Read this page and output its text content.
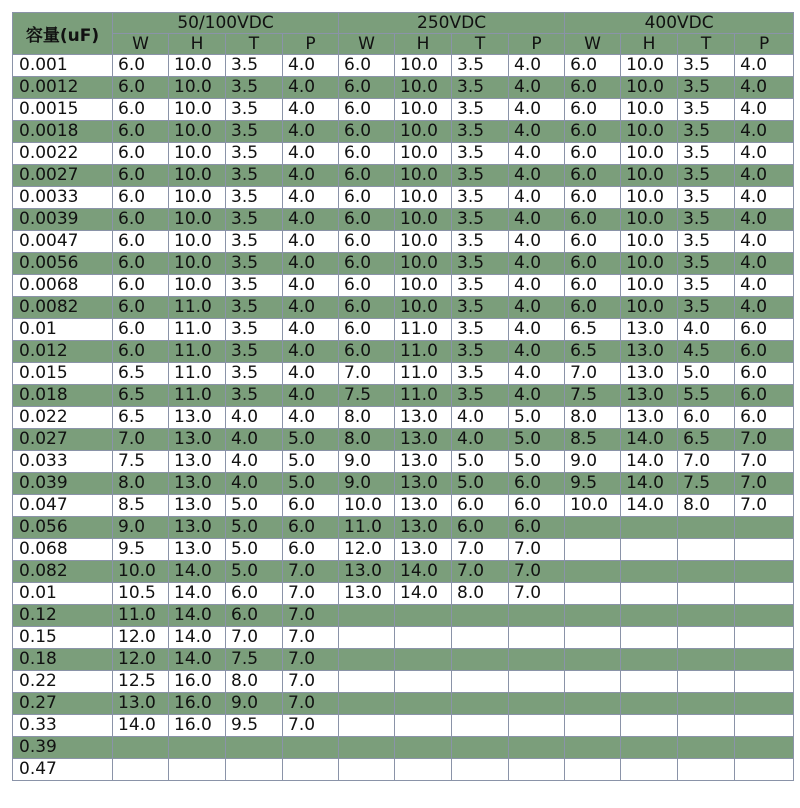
容量(uF)	50/100VDC				250VDC				400VDC			
	W	H	T	P	W	H	T	P	W	H	T	P
0.001	6.0	10.0	3.5	4.0	6.0	10.0	3.5	4.0	6.0	10.0	3.5	4.0
0.0012	6.0	10.0	3.5	4.0	6.0	10.0	3.5	4.0	6.0	10.0	3.5	4.0
0.0015	6.0	10.0	3.5	4.0	6.0	10.0	3.5	4.0	6.0	10.0	3.5	4.0
0.0018	6.0	10.0	3.5	4.0	6.0	10.0	3.5	4.0	6.0	10.0	3.5	4.0
0.0022	6.0	10.0	3.5	4.0	6.0	10.0	3.5	4.0	6.0	10.0	3.5	4.0
0.0027	6.0	10.0	3.5	4.0	6.0	10.0	3.5	4.0	6.0	10.0	3.5	4.0
0.0033	6.0	10.0	3.5	4.0	6.0	10.0	3.5	4.0	6.0	10.0	3.5	4.0
0.0039	6.0	10.0	3.5	4.0	6.0	10.0	3.5	4.0	6.0	10.0	3.5	4.0
0.0047	6.0	10.0	3.5	4.0	6.0	10.0	3.5	4.0	6.0	10.0	3.5	4.0
0.0056	6.0	10.0	3.5	4.0	6.0	10.0	3.5	4.0	6.0	10.0	3.5	4.0
0.0068	6.0	10.0	3.5	4.0	6.0	10.0	3.5	4.0	6.0	10.0	3.5	4.0
0.0082	6.0	11.0	3.5	4.0	6.0	10.0	3.5	4.0	6.0	10.0	3.5	4.0
0.01	6.0	11.0	3.5	4.0	6.0	11.0	3.5	4.0	6.5	13.0	4.0	6.0
0.012	6.0	11.0	3.5	4.0	6.0	11.0	3.5	4.0	6.5	13.0	4.5	6.0
0.015	6.5	11.0	3.5	4.0	7.0	11.0	3.5	4.0	7.0	13.0	5.0	6.0
0.018	6.5	11.0	3.5	4.0	7.5	11.0	3.5	4.0	7.5	13.0	5.5	6.0
0.022	6.5	13.0	4.0	4.0	8.0	13.0	4.0	5.0	8.0	13.0	6.0	6.0
0.027	7.0	13.0	4.0	5.0	8.0	13.0	4.0	5.0	8.5	14.0	6.5	7.0
0.033	7.5	13.0	4.0	5.0	9.0	13.0	5.0	5.0	9.0	14.0	7.0	7.0
0.039	8.0	13.0	4.0	5.0	9.0	13.0	5.0	6.0	9.5	14.0	7.5	7.0
0.047	8.5	13.0	5.0	6.0	10.0	13.0	6.0	6.0	10.0	14.0	8.0	7.0
0.056	9.0	13.0	5.0	6.0	11.0	13.0	6.0	6.0				
0.068	9.5	13.0	5.0	6.0	12.0	13.0	7.0	7.0				
0.082	10.0	14.0	5.0	7.0	13.0	14.0	7.0	7.0				
0.01	10.5	14.0	6.0	7.0	13.0	14.0	8.0	7.0				
0.12	11.0	14.0	6.0	7.0								
0.15	12.0	14.0	7.0	7.0								
0.18	12.0	14.0	7.5	7.0								
0.22	12.5	16.0	8.0	7.0								
0.27	13.0	16.0	9.0	7.0								
0.33	14.0	16.0	9.5	7.0								
0.39												
0.47												
